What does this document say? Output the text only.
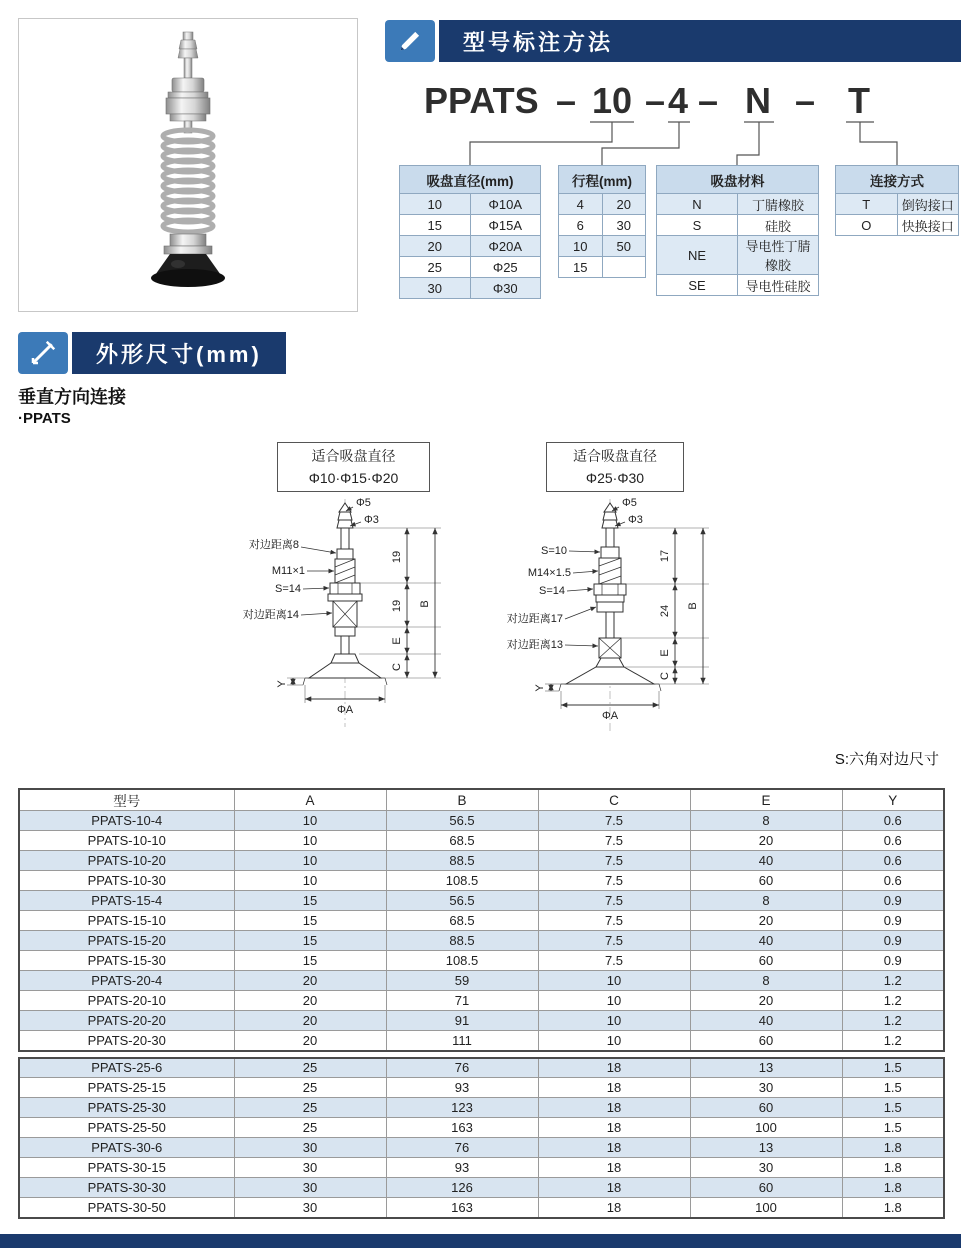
型号标注方法
PPATS – 10 – 4 – N – T
吸盘直径(mm)	
10	Φ10A
15	Φ15A
20	Φ20A
25	Φ25
30	Φ30
行程(mm)	
4	20
6	30
10	50
15	
吸盘材料	
N	丁腈橡胶
S	硅胶
NE	导电性丁腈橡胶
SE	导电性硅胶
连接方式	
T	倒钩接口
O	快换接口
外形尺寸(mm)
垂直方向连接
·PPATS
适合吸盘直径
Φ10·Φ15·Φ20
适合吸盘直径
Φ25·Φ30
Φ5
Φ3
对边距离8
M11×1
S=14
对边距离14
19
19
E
C
B
Y
ΦA
Φ5
Φ3
S=10
M14×1.5
S=14
对边距离17
对边距离13
17
24
E
C
B
Y
ΦA
S:六角对边尺寸
型号	A	B	C	E	Y
PPATS-10-4	10	56.5	7.5	8	0.6
PPATS-10-10	10	68.5	7.5	20	0.6
PPATS-10-20	10	88.5	7.5	40	0.6
PPATS-10-30	10	108.5	7.5	60	0.6
PPATS-15-4	15	56.5	7.5	8	0.9
PPATS-15-10	15	68.5	7.5	20	0.9
PPATS-15-20	15	88.5	7.5	40	0.9
PPATS-15-30	15	108.5	7.5	60	0.9
PPATS-20-4	20	59	10	8	1.2
PPATS-20-10	20	71	10	20	1.2
PPATS-20-20	20	91	10	40	1.2
PPATS-20-30	20	111	10	60	1.2
PPATS-25-6	25	76	18	13	1.5
PPATS-25-15	25	93	18	30	1.5
PPATS-25-30	25	123	18	60	1.5
PPATS-25-50	25	163	18	100	1.5
PPATS-30-6	30	76	18	13	1.8
PPATS-30-15	30	93	18	30	1.8
PPATS-30-30	30	126	18	60	1.8
PPATS-30-50	30	163	18	100	1.8
